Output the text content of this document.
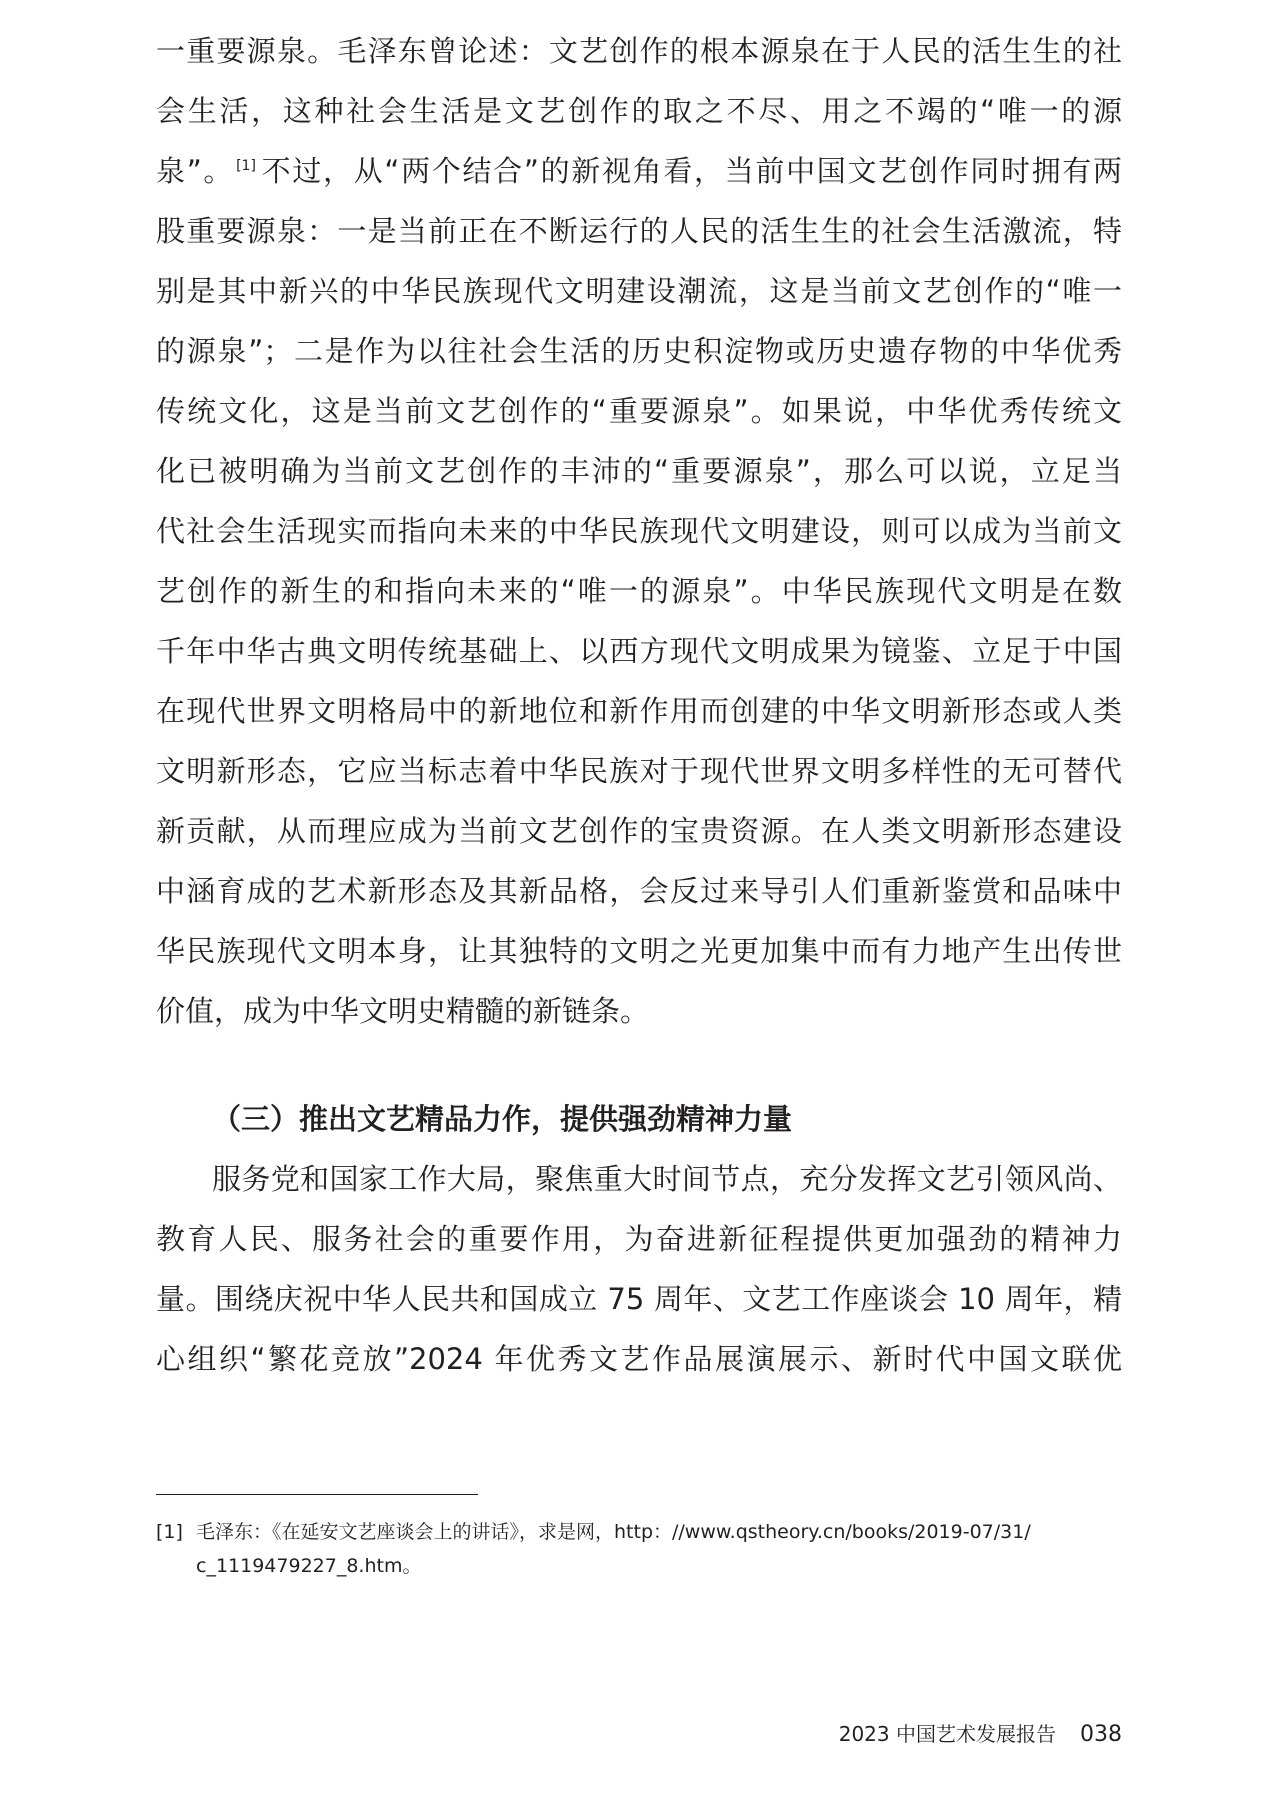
一重要源泉。毛泽东曾论述：文艺创作的根本源泉在于人民的活生生的社

会生活，这种社会生活是文艺创作的取之不尽、用之不竭的“唯一的源

泉”。 [1] 不过，从“两个结合”的新视角看，当前中国文艺创作同时拥有两

股重要源泉：一是当前正在不断运行的人民的活生生的社会生活激流，特

别是其中新兴的中华民族现代文明建设潮流，这是当前文艺创作的“唯一

的源泉”；二是作为以往社会生活的历史积淀物或历史遗存物的中华优秀

传统文化，这是当前文艺创作的“重要源泉”。如果说，中华优秀传统文

化已被明确为当前文艺创作的丰沛的“重要源泉”，那么可以说，立足当

代社会生活现实而指向未来的中华民族现代文明建设，则可以成为当前文

艺创作的新生的和指向未来的“唯一的源泉”。中华民族现代文明是在数

千年中华古典文明传统基础上、以西方现代文明成果为镜鉴、立足于中国

在现代世界文明格局中的新地位和新作用而创建的中华文明新形态或人类

文明新形态，它应当标志着中华民族对于现代世界文明多样性的无可替代

新贡献，从而理应成为当前文艺创作的宝贵资源。在人类文明新形态建设

中涵育成的艺术新形态及其新品格，会反过来导引人们重新鉴赏和品味中

华民族现代文明本身，让其独特的文明之光更加集中而有力地产生出传世

价值，成为中华文明史精髓的新链条。

（三）推出文艺精品力作，提供强劲精神力量

服务党和国家工作大局，聚焦重大时间节点，充分发挥文艺引领风尚、

教育人民、服务社会的重要作用，为奋进新征程提供更加强劲的精神力

量。围绕庆祝中华人民共和国成立 75 周年、文艺工作座谈会 10 周年，精

心组织“繁花竞放”2024 年优秀文艺作品展演展示、新时代中国文联优

[1] 毛泽东：《在延安文艺座谈会上的讲话》，求是网，http：//www.qstheory.cn/books/2019-07/31/

c_1119479227_8.htm。

2023 中国艺术发展报告 038
